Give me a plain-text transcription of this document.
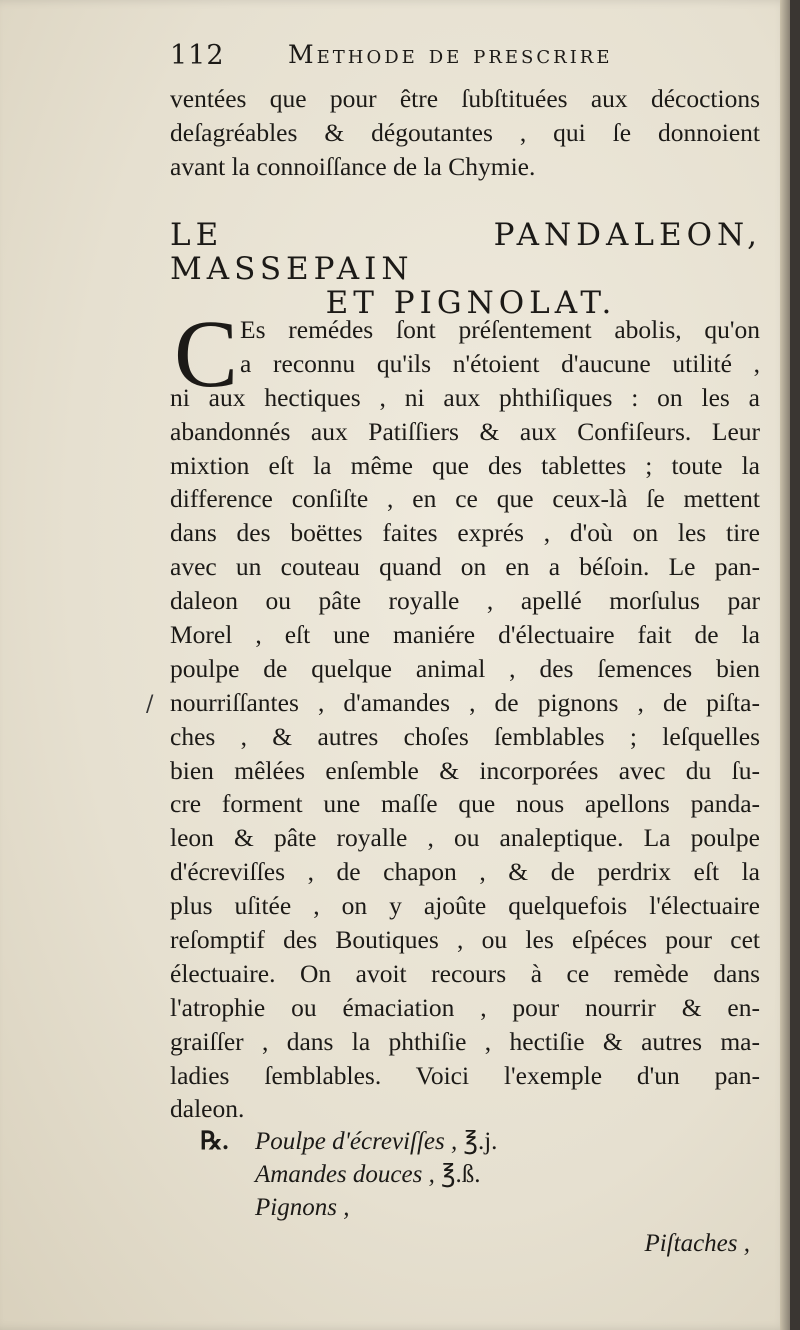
112	Methode de prescrire
ventées que pour être ſubſtituées aux décoctions
deſagréables & dégoutantes , qui ſe donnoient
avant la connoiſſance de la Chymie.
LE PANDALEON, MASSEPAIN
ET PIGNOLAT.
C Es remédes ſont préſentement abolis, qu'on
a reconnu qu'ils n'étoient d'aucune utilité ,
ni aux hectiques , ni aux phthiſiques : on les a
abandonnés aux Patiſſiers & aux Confiſeurs. Leur
mixtion eſt la même que des tablettes ; toute la
difference conſiſte , en ce que ceux-là ſe mettent
dans des boëttes faites exprés , d'où on les tire
avec un couteau quand on en a béſoin. Le pan-
daleon ou pâte royalle , apellé morſulus par
Morel , eſt une maniére d'électuaire fait de la
poulpe de quelque animal , des ſemences bien
nourriſſantes , d'amandes , de pignons , de piſta-
ches , & autres choſes ſemblables ; leſquelles
bien mêlées enſemble & incorporées avec du ſu-
cre forment une maſſe que nous apellons panda-
leon & pâte royalle , ou analeptique. La poulpe
d'écreviſſes , de chapon , & de perdrix eſt la
plus uſitée , on y ajoûte quelquefois l'électuaire
reſomptif des Boutiques , ou les eſpéces pour cet
électuaire. On avoit recours à ce remède dans
l'atrophie ou émaciation , pour nourrir & en-
graiſſer , dans la phthiſie , hectiſie & autres ma-
ladies ſemblables. Voici l'exemple d'un pan-
daleon.
/
℞. Poulpe d'écreviſſes , ℥.j.
Amandes douces , ℥.ß.
Pignons ,
Piſtaches ,
